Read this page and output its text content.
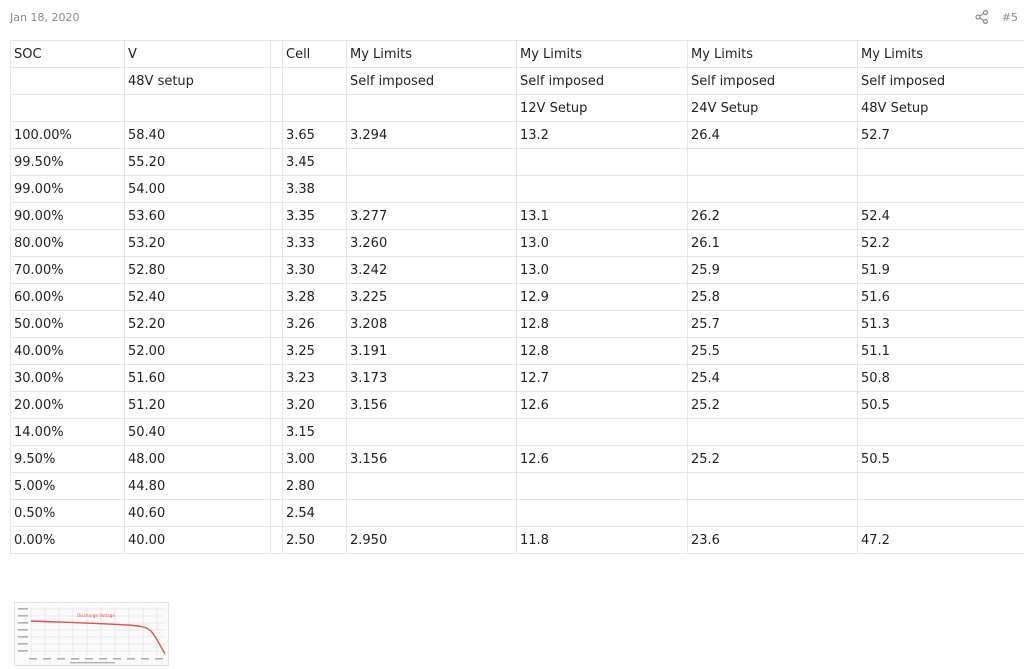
Jan 18, 2020	#5
SOC	V		Cell	My Limits	My Limits	My Limits	My Limits
	48V setup			Self imposed	Self imposed	Self imposed	Self imposed
					12V Setup	24V Setup	48V Setup
100.00%	58.40		3.65	3.294	13.2	26.4	52.7
99.50%	55.20		3.45				
99.00%	54.00		3.38				
90.00%	53.60		3.35	3.277	13.1	26.2	52.4
80.00%	53.20		3.33	3.260	13.0	26.1	52.2
70.00%	52.80		3.30	3.242	13.0	25.9	51.9
60.00%	52.40		3.28	3.225	12.9	25.8	51.6
50.00%	52.20		3.26	3.208	12.8	25.7	51.3
40.00%	52.00		3.25	3.191	12.8	25.5	51.1
30.00%	51.60		3.23	3.173	12.7	25.4	50.8
20.00%	51.20		3.20	3.156	12.6	25.2	50.5
14.00%	50.40		3.15				
9.50%	48.00		3.00	3.156	12.6	25.2	50.5
5.00%	44.80		2.80				
0.50%	40.60		2.54				
0.00%	40.00		2.50	2.950	11.8	23.6	47.2
Discharge Voltage
